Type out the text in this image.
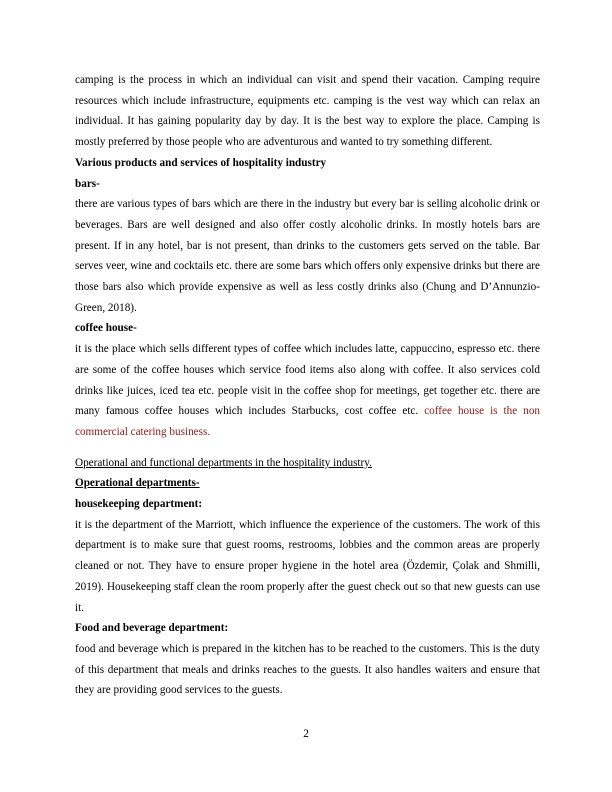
camping is the process in which an individual can visit and spend their vacation. Camping require resources which include infrastructure, equipments etc. camping is the vest way which can relax an individual. It has gaining popularity day by day. It is the best way to explore the place. Camping is mostly preferred by those people who are adventurous and wanted to try something different.

Various products and services of hospitality industry

bars-

there are various types of bars which are there in the industry but every bar is selling alcoholic drink or beverages. Bars are well designed and also offer costly alcoholic drinks. In mostly hotels bars are present. If in any hotel, bar is not present, than drinks to the customers gets served on the table. Bar serves veer, wine and cocktails etc. there are some bars which offers only expensive drinks but there are those bars also which provide expensive as well as less costly drinks also (Chung and D’Annunzio-Green, 2018).

coffee house-

it is the place which sells different types of coffee which includes latte, cappuccino, espresso etc. there are some of the coffee houses which service food items also along with coffee. It also services cold drinks like juices, iced tea etc. people visit in the coffee shop for meetings, get together etc. there are many famous coffee houses which includes Starbucks, cost coffee etc. coffee house is the non commercial catering business.

Operational and functional departments in the hospitality industry.

Operational departments-

housekeeping department:

it is the department of the Marriott, which influence the experience of the customers. The work of this department is to make sure that guest rooms, restrooms, lobbies and the common areas are properly cleaned or not. They have to ensure proper hygiene in the hotel area (Özdemir, Çolak and Shmilli, 2019). Housekeeping staff clean the room properly after the guest check out so that new guests can use it.

Food and beverage department:

food and beverage which is prepared in the kitchen has to be reached to the customers. This is the duty of this department that meals and drinks reaches to the guests. It also handles waiters and ensure that they are providing good services to the guests.

2
